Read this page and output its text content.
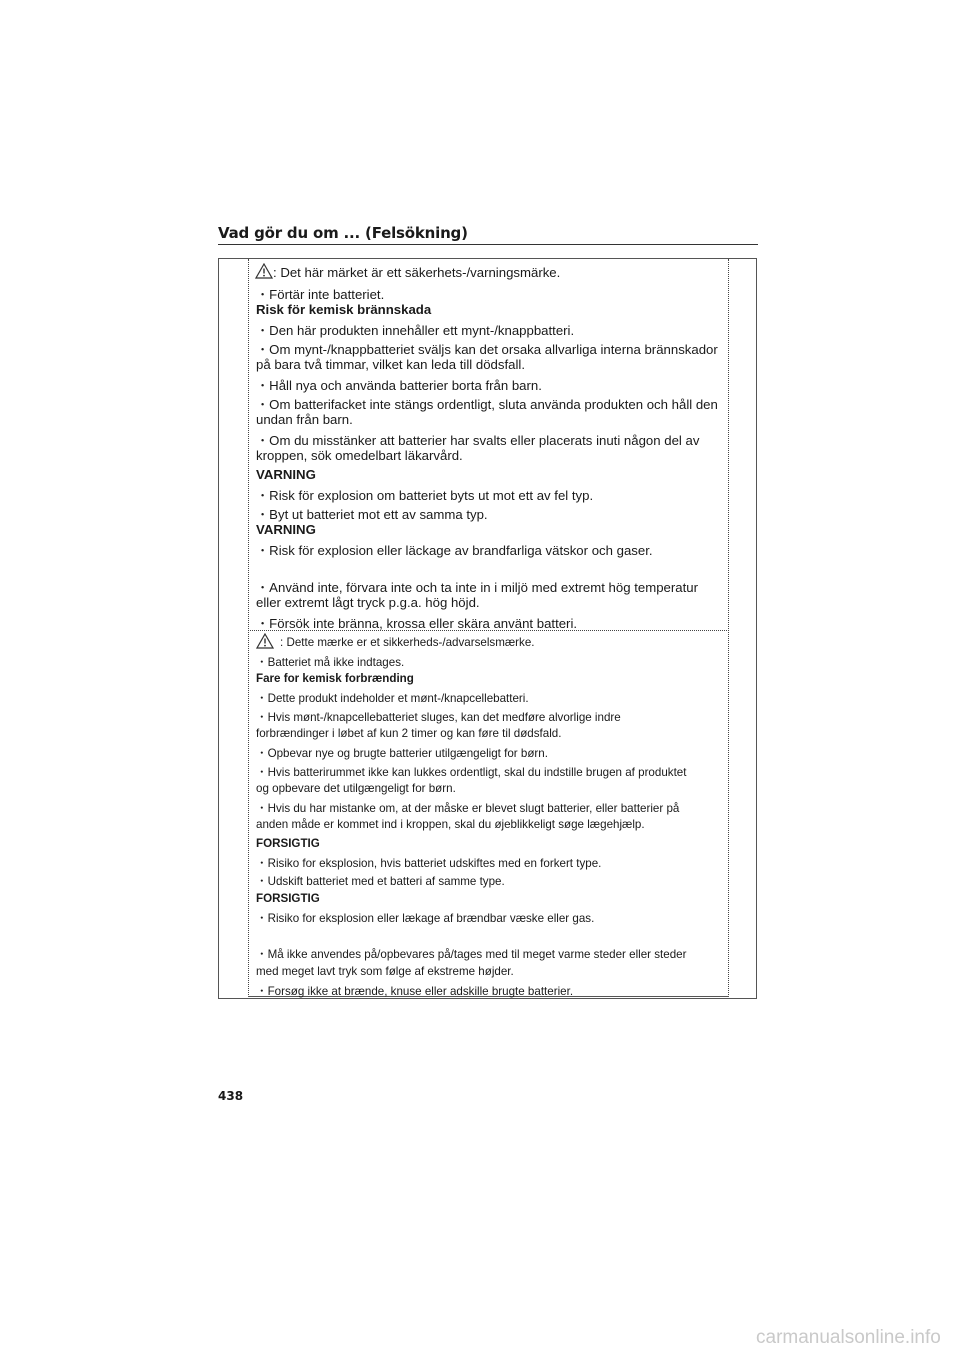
Vad gör du om ... (Felsökning)
: Det här märket är ett säkerhets-/varningsmärke.
・Förtär inte batteriet.
Risk för kemisk brännskada
・Den här produkten innehåller ett mynt-/knappbatteri.
・Om mynt-/knappbatteriet sväljs kan det orsaka allvarliga interna brännskador
på bara två timmar, vilket kan leda till dödsfall.
・Håll nya och använda batterier borta från barn.
・Om batterifacket inte stängs ordentligt, sluta använda produkten och håll den
undan från barn.
・Om du misstänker att batterier har svalts eller placerats inuti någon del av
kroppen, sök omedelbart läkarvård.
VARNING
・Risk för explosion om batteriet byts ut mot ett av fel typ.
・Byt ut batteriet mot ett av samma typ.
VARNING
・Risk för explosion eller läckage av brandfarliga vätskor och gaser.
・Använd inte, förvara inte och ta inte in i miljö med extremt hög temperatur
eller extremt lågt tryck p.g.a. hög höjd.
・Försök inte bränna, krossa eller skära använt batteri.
: Dette mærke er et sikkerheds-/advarselsmærke.
・Batteriet må ikke indtages.
Fare for kemisk forbrænding
・Dette produkt indeholder et mønt-/knapcellebatteri.
・Hvis mønt-/knapcellebatteriet sluges, kan det medføre alvorlige indre
forbrændinger i løbet af kun 2 timer og kan føre til dødsfald.
・Opbevar nye og brugte batterier utilgængeligt for børn.
・Hvis batterirummet ikke kan lukkes ordentligt, skal du indstille brugen af produktet
og opbevare det utilgængeligt for børn.
・Hvis du har mistanke om, at der måske er blevet slugt batterier, eller batterier på
anden måde er kommet ind i kroppen, skal du øjeblikkeligt søge lægehjælp.
FORSIGTIG
・Risiko for eksplosion, hvis batteriet udskiftes med en forkert type.
・Udskift batteriet med et batteri af samme type.
FORSIGTIG
・Risiko for eksplosion eller lækage af brændbar væske eller gas.
・Må ikke anvendes på/opbevares på/tages med til meget varme steder eller steder
med meget lavt tryk som følge af ekstreme højder.
・Forsøg ikke at brænde, knuse eller adskille brugte batterier.
438
carmanualsonline.info
